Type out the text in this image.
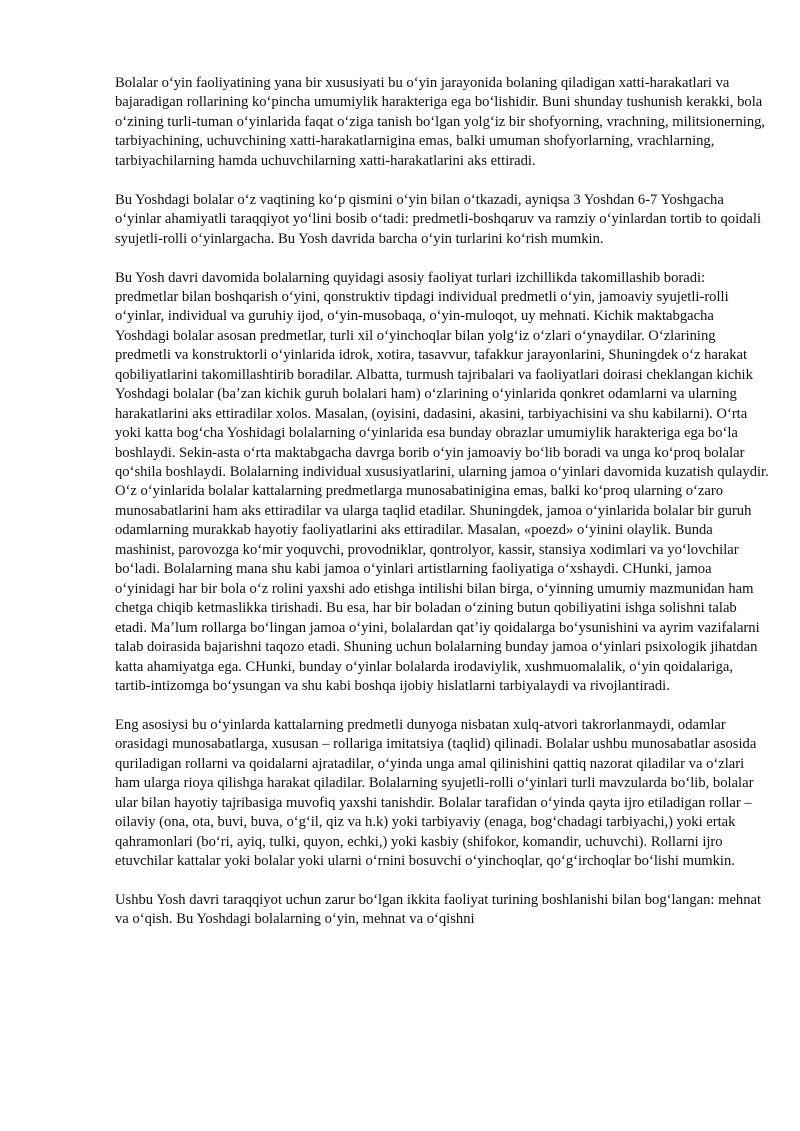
Bolalar oʻyin faoliyatining yana bir xususiyati bu oʻyin jarayonida bolaning qiladigan xatti-harakatlari va bajaradigan rollarining koʻpincha umumiylik harakteriga ega boʻlishidir. Buni shunday tushunish kerakki, bola oʻzining turli-tuman oʻyinlarida faqat oʻziga tanish boʻlgan yolgʻiz bir shofyorning, vrachning, militsionerning, tarbiyachining, uchuvchining xatti-harakatlarnigina emas, balki umuman shofyorlarning, vrachlarning, tarbiyachilarning hamda uchuvchilarning xatti-harakatlarini aks ettiradi.

Bu Yoshdagi bolalar oʻz vaqtining koʻp qismini oʻyin bilan oʻtkazadi, ayniqsa 3 Yoshdan 6-7 Yoshgacha oʻyinlar ahamiyatli taraqqiyot yoʻlini bosib oʻtadi: predmetli-boshqaruv va ramziy oʻyinlardan tortib to qoidali syujetli-rolli oʻyinlargacha. Bu Yosh davrida barcha oʻyin turlarini koʻrish mumkin.

Bu Yosh davri davomida bolalarning quyidagi asosiy faoliyat turlari izchillikda takomillashib boradi: predmetlar bilan boshqarish oʻyini, qonstruktiv tipdagi individual predmetli oʻyin, jamoaviy syujetli-rolli oʻyinlar, individual va guruhiy ijod, oʻyin-musobaqa, oʻyin-muloqot, uy mehnati. Kichik maktabgacha Yoshdagi bolalar asosan predmetlar, turli xil oʻyinchoqlar bilan yolgʻiz oʻzlari oʻynaydilar. Oʻzlarining predmetli va konstruktorli oʻyinlarida idrok, xotira, tasavvur, tafakkur jarayonlarini, Shuningdek oʻz harakat qobiliyatlarini takomillashtirib boradilar. Albatta, turmush tajribalari va faoliyatlari doirasi cheklangan kichik Yoshdagi bolalar (baʼzan kichik guruh bolalari ham) oʻzlarining oʻyinlarida qonkret odamlarni va ularning harakatlarini aks ettiradilar xolos. Masalan, (oyisini, dadasini, akasini, tarbiyachisini va shu kabilarni). Oʻrta yoki katta bogʻcha Yoshidagi bolalarning oʻyinlarida esa bunday obrazlar umumiylik harakteriga ega boʻla boshlaydi. Sekin-asta oʻrta maktabgacha davrga borib oʻyin jamoaviy boʻlib boradi va unga koʻproq bolalar qoʻshila boshlaydi. Bolalarning individual xususiyatlarini, ularning jamoa oʻyinlari davomida kuzatish qulaydir. Oʻz oʻyinlarida bolalar kattalarning predmetlarga munosabatinigina emas, balki koʻproq ularning oʻzaro munosabatlarini ham aks ettiradilar va ularga taqlid etadilar. Shuningdek, jamoa oʻyinlarida bolalar bir guruh odamlarning murakkab hayotiy faoliyatlarini aks ettiradilar. Masalan, «poezd» oʻyinini olaylik. Bunda mashinist, parovozga koʻmir yoquvchi, provodniklar, qontrolyor, kassir, stansiya xodimlari va yoʻlovchilar boʻladi. Bolalarning mana shu kabi jamoa oʻyinlari artistlarning faoliyatiga oʻxshaydi. CHunki, jamoa oʻyinidagi har bir bola oʻz rolini yaxshi ado etishga intilishi bilan birga, oʻyinning umumiy mazmunidan ham chetga chiqib ketmaslikka tirishadi. Bu esa, har bir boladan oʻzining butun qobiliyatini ishga solishni talab etadi. Maʼlum rollarga boʻlingan jamoa oʻyini, bolalardan qatʼiy qoidalarga boʻysunishini va ayrim vazifalarni talab doirasida bajarishni taqozo etadi. Shuning uchun bolalarning bunday jamoa oʻyinlari psixologik jihatdan katta ahamiyatga ega. CHunki, bunday oʻyinlar bolalarda irodaviylik, xushmuomalalik, oʻyin qoidalariga, tartib-intizomga boʻysungan va shu kabi boshqa ijobiy hislatlarni tarbiyalaydi va rivojlantiradi.

Eng asosiysi bu oʻyinlarda kattalarning predmetli dunyoga nisbatan xulq-atvori takrorlanmaydi, odamlar orasidagi munosabatlarga, xususan – rollariga imitatsiya (taqlid) qilinadi. Bolalar ushbu munosabatlar asosida quriladigan rollarni va qoidalarni ajratadilar, oʻyinda unga amal qilinishini qattiq nazorat qiladilar va oʻzlari ham ularga rioya qilishga harakat qiladilar. Bolalarning syujetli-rolli oʻyinlari turli mavzularda boʻlib, bolalar ular bilan hayotiy tajribasiga muvofiq yaxshi tanishdir. Bolalar tarafidan oʻyinda qayta ijro etiladigan rollar –oilaviy (ona, ota, buvi, buva, oʻgʻil, qiz va h.k) yoki tarbiyaviy (enaga, bogʻchadagi tarbiyachi,) yoki ertak qahramonlari (boʻri, ayiq, tulki, quyon, echki,) yoki kasbiy (shifokor, komandir, uchuvchi). Rollarni ijro etuvchilar kattalar yoki bolalar yoki ularni oʻrnini bosuvchi oʻyinchoqlar, qoʻgʻirchoqlar boʻlishi mumkin.

Ushbu Yosh davri taraqqiyot uchun zarur boʻlgan ikkita faoliyat turining boshlanishi bilan bogʻlangan: mehnat va oʻqish. Bu Yoshdagi bolalarning oʻyin, mehnat va oʻqishni
